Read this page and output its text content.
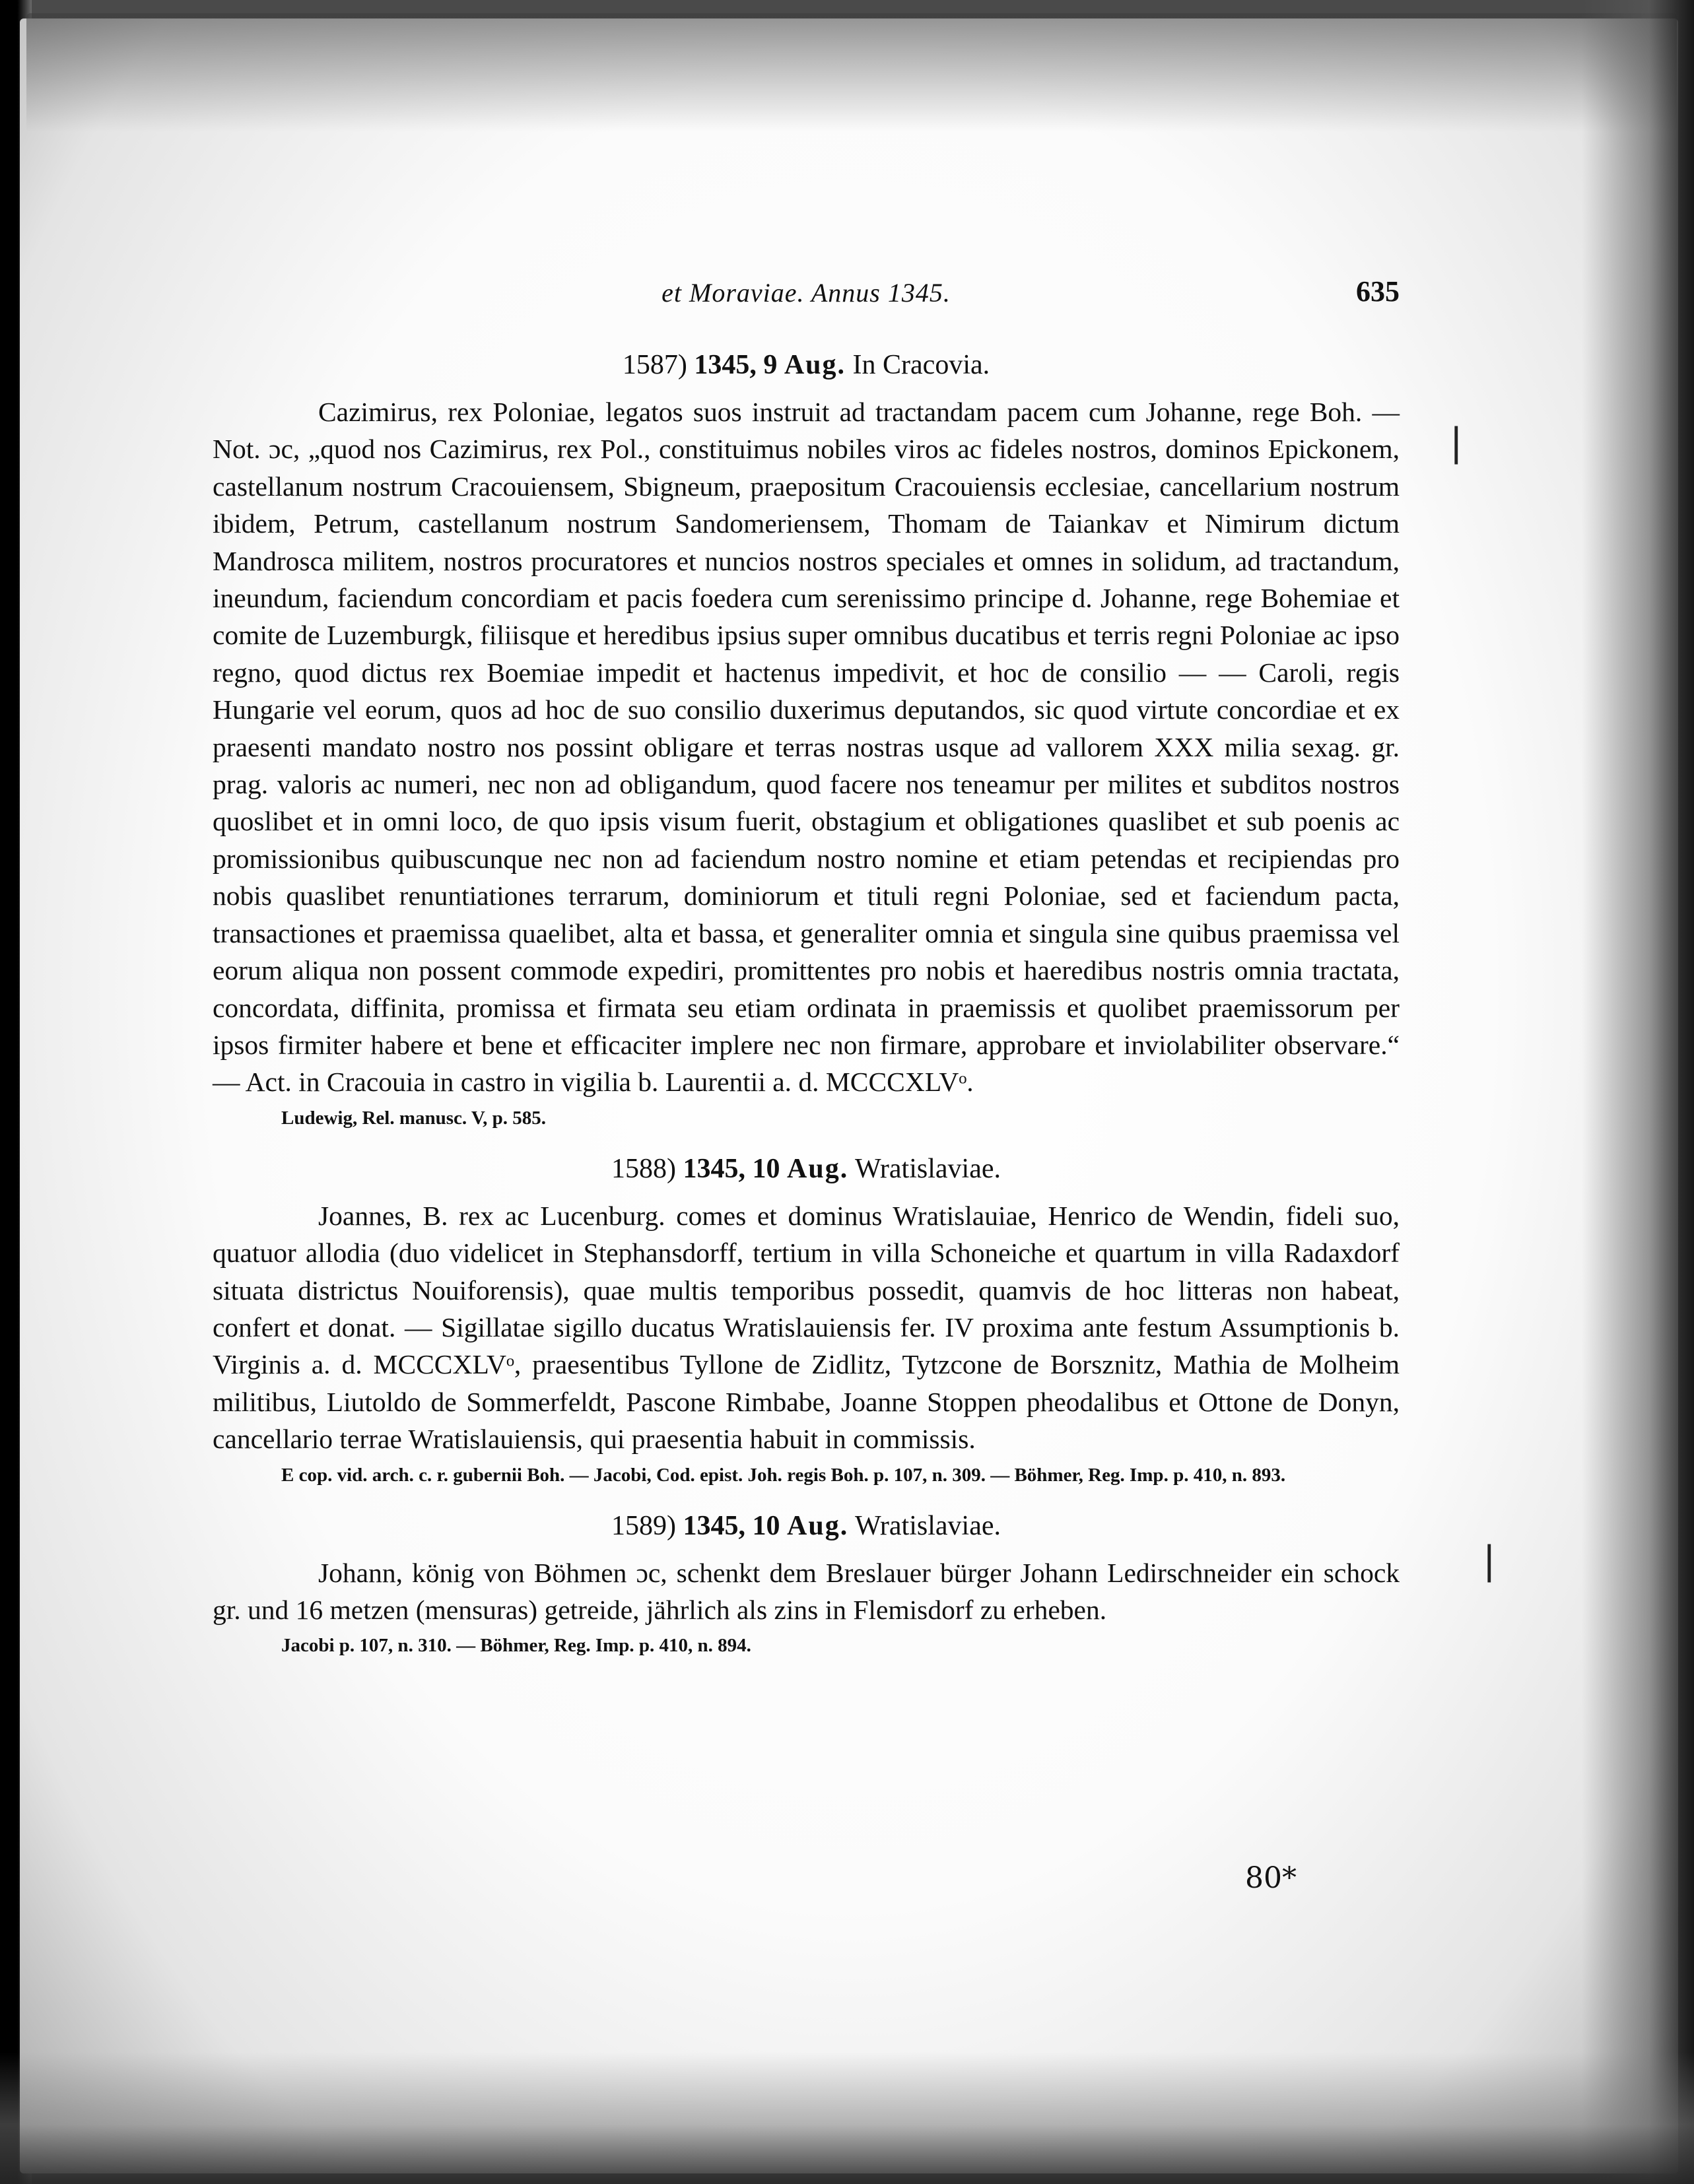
|
|
et Moraviae. Annus 1345.	635
1587) 1345, 9 Aug. In Cracovia.

Cazimirus, rex Poloniae, legatos suos instruit ad tractandam pacem cum Johanne, rege Boh. — Not. ɔc, „quod nos Cazimirus, rex Pol., constituimus nobiles viros ac fideles nostros, dominos Epickonem, castellanum nostrum Cracouiensem, Sbigneum, praepositum Cracouiensis ecclesiae, cancellarium nostrum ibidem, Petrum, castellanum nostrum Sandomeriensem, Thomam de Taiankav et Nimirum dictum Mandrosca militem, nostros procuratores et nuncios nostros speciales et omnes in solidum, ad tractandum, ineundum, faciendum concordiam et pacis foedera cum serenissimo principe d. Johanne, rege Bohemiae et comite de Luzemburgk, filiisque et heredibus ipsius super omnibus ducatibus et terris regni Poloniae ac ipso regno, quod dictus rex Boemiae impedit et hactenus impedivit, et hoc de consilio — — Caroli, regis Hungarie vel eorum, quos ad hoc de suo consilio duxerimus deputandos, sic quod virtute concordiae et ex praesenti mandato nostro nos possint obligare et terras nostras usque ad vallorem XXX milia sexag. gr. prag. valoris ac numeri, nec non ad obligandum, quod facere nos teneamur per milites et subditos nostros quoslibet et in omni loco, de quo ipsis visum fuerit, obstagium et obligationes quaslibet et sub poenis ac promissionibus quibuscunque nec non ad faciendum nostro nomine et etiam petendas et recipiendas pro nobis quaslibet renuntiationes terrarum, dominiorum et tituli regni Poloniae, sed et faciendum pacta, transactiones et praemissa quaelibet, alta et bassa, et generaliter omnia et singula sine quibus praemissa vel eorum aliqua non possent commode expediri, promittentes pro nobis et haeredibus nostris omnia tractata, concordata, diffinita, promissa et firmata seu etiam ordinata in praemissis et quolibet praemissorum per ipsos firmiter habere et bene et efficaciter implere nec non firmare, approbare et inviolabiliter observare.“ — Act. in Cracouia in castro in vigilia b. Laurentii a. d. MCCCXLVᵒ.

Ludewig, Rel. manusc. V, p. 585.
1588) 1345, 10 Aug. Wratislaviae.

Joannes, B. rex ac Lucenburg. comes et dominus Wratislauiae, Henrico de Wendin, fideli suo, quatuor allodia (duo videlicet in Stephansdorff, tertium in villa Schoneiche et quartum in villa Radaxdorf situata districtus Nouiforensis), quae multis temporibus possedit, quamvis de hoc litteras non habeat, confert et donat. — Sigillatae sigillo ducatus Wratislauiensis fer. IV proxima ante festum Assumptionis b. Virginis a. d. MCCCXLVᵒ, praesentibus Tyllone de Zidlitz, Tytzcone de Borsznitz, Mathia de Molheim militibus, Liutoldo de Sommerfeldt, Pascone Rimbabe, Joanne Stoppen pheodalibus et Ottone de Donyn, cancellario terrae Wratislauiensis, qui praesentia habuit in commissis.

E cop. vid. arch. c. r. gubernii Boh. — Jacobi, Cod. epist. Joh. regis Boh. p. 107, n. 309. — Böhmer, Reg. Imp. p. 410, n. 893.
1589) 1345, 10 Aug. Wratislaviae.

Johann, könig von Böhmen ɔc, schenkt dem Breslauer bürger Johann Ledirschneider ein schock gr. und 16 metzen (mensuras) getreide, jährlich als zins in Flemisdorf zu erheben.

Jacobi p. 107, n. 310. — Böhmer, Reg. Imp. p. 410, n. 894.
80*
